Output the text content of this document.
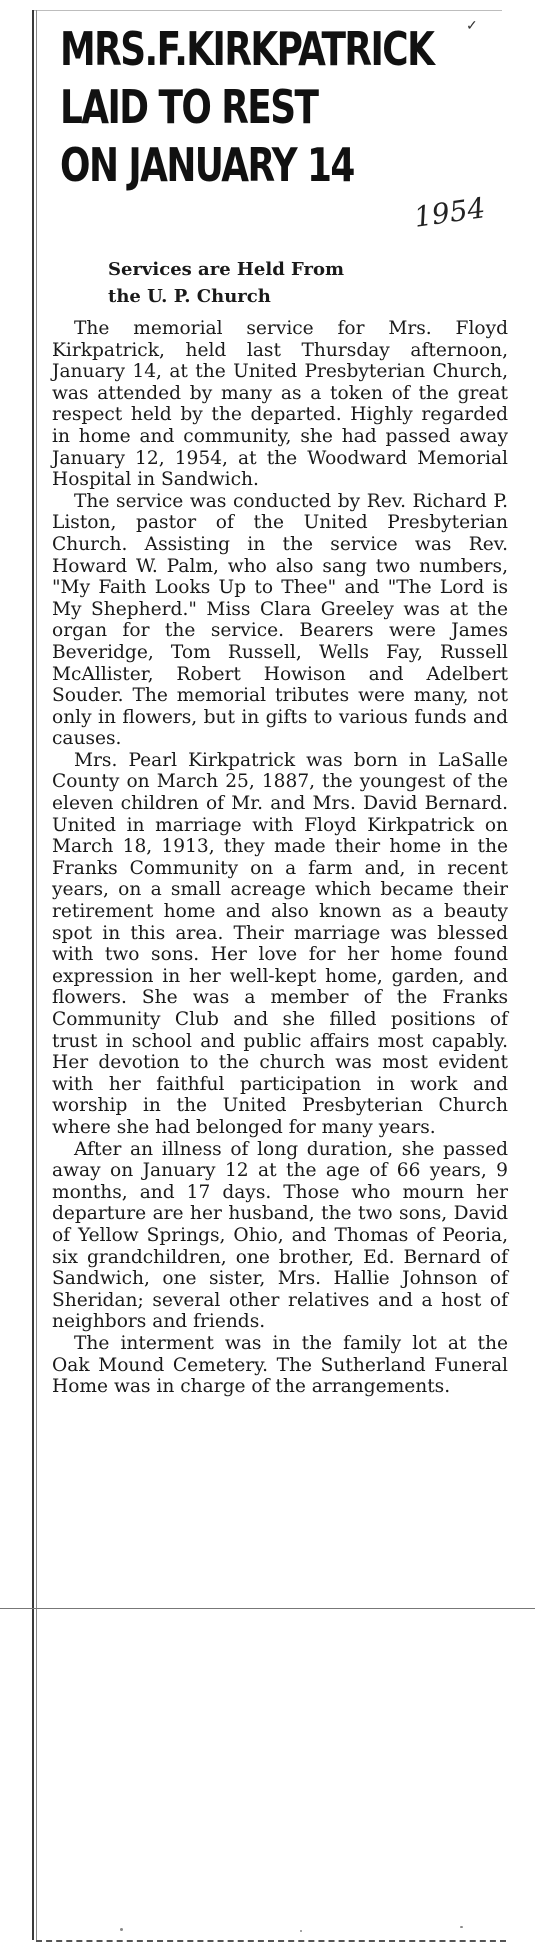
✓
MRS.F.KIRKPATRICK
LAID TO REST
ON JANUARY 14
1954
Services are Held From
the U. P. Church

The memorial service for Mrs. Floyd Kirkpatrick, held last Thursday afternoon, January 14, at the United Presbyterian Church, was attended by many as a token of the great respect held by the departed. Highly regarded in home and community, she had passed away January 12, 1954, at the Woodward Memorial Hospital in Sandwich.

The service was conducted by Rev. Richard P. Liston, pastor of the United Presbyterian Church. Assisting in the service was Rev. Howard W. Palm, who also sang two numbers, "My Faith Looks Up to Thee" and "The Lord is My Shepherd." Miss Clara Greeley was at the organ for the service. Bearers were James Beveridge, Tom Russell, Wells Fay, Russell McAllister, Robert Howison and Adelbert Souder. The memorial tributes were many, not only in flowers, but in gifts to various funds and causes.

Mrs. Pearl Kirkpatrick was born in LaSalle County on March 25, 1887, the youngest of the eleven children of Mr. and Mrs. David Bernard. United in marriage with Floyd Kirkpatrick on March 18, 1913, they made their home in the Franks Community on a farm and, in recent years, on a small acreage which became their retirement home and also known as a beauty spot in this area. Their marriage was blessed with two sons. Her love for her home found expression in her well-kept home, garden, and flowers. She was a member of the Franks Community Club and she filled positions of trust in school and public affairs most capably. Her devotion to the church was most evident with her faithful participation in work and worship in the United Presbyterian Church where she had belonged for many years.

After an illness of long duration, she passed away on January 12 at the age of 66 years, 9 months, and 17 days. Those who mourn her departure are her husband, the two sons, David of Yellow Springs, Ohio, and Thomas of Peoria, six grandchildren, one brother, Ed. Bernard of Sandwich, one sister, Mrs. Hallie Johnson of Sheridan; several other relatives and a host of neighbors and friends.

The interment was in the family lot at the Oak Mound Cemetery. The Sutherland Funeral Home was in charge of the arrangements.
